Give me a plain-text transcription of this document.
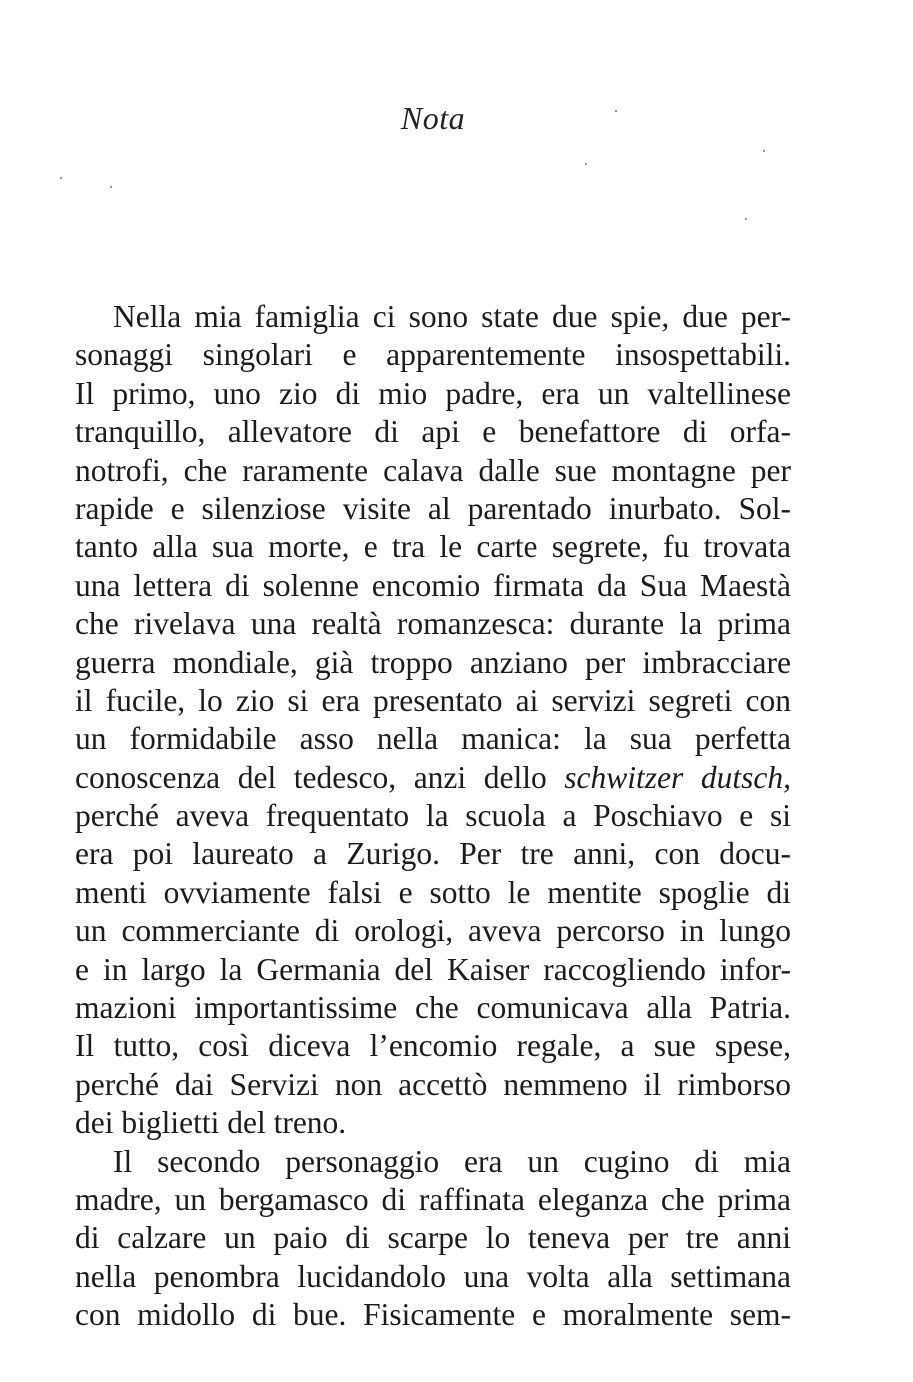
Nota
Nella mia famiglia ci sono state due spie, due per-
sonaggi singolari e apparentemente insospettabili.
Il primo, uno zio di mio padre, era un valtellinese
tranquillo, allevatore di api e benefattore di orfa-
notrofi, che raramente calava dalle sue montagne per
rapide e silenziose visite al parentado inurbato. Sol-
tanto alla sua morte, e tra le carte segrete, fu trovata
una lettera di solenne encomio firmata da Sua Maestà
che rivelava una realtà romanzesca: durante la prima
guerra mondiale, già troppo anziano per imbracciare
il fucile, lo zio si era presentato ai servizi segreti con
un formidabile asso nella manica: la sua perfetta
conoscenza del tedesco, anzi dello schwitzer dutsch,
perché aveva frequentato la scuola a Poschiavo e si
era poi laureato a Zurigo. Per tre anni, con docu-
menti ovviamente falsi e sotto le mentite spoglie di
un commerciante di orologi, aveva percorso in lungo
e in largo la Germania del Kaiser raccogliendo infor-
mazioni importantissime che comunicava alla Patria.
Il tutto, così diceva l’encomio regale, a sue spese,
perché dai Servizi non accettò nemmeno il rimborso
dei biglietti del treno.
Il secondo personaggio era un cugino di mia
madre, un bergamasco di raffinata eleganza che prima
di calzare un paio di scarpe lo teneva per tre anni
nella penombra lucidandolo una volta alla settimana
con midollo di bue. Fisicamente e moralmente sem-
